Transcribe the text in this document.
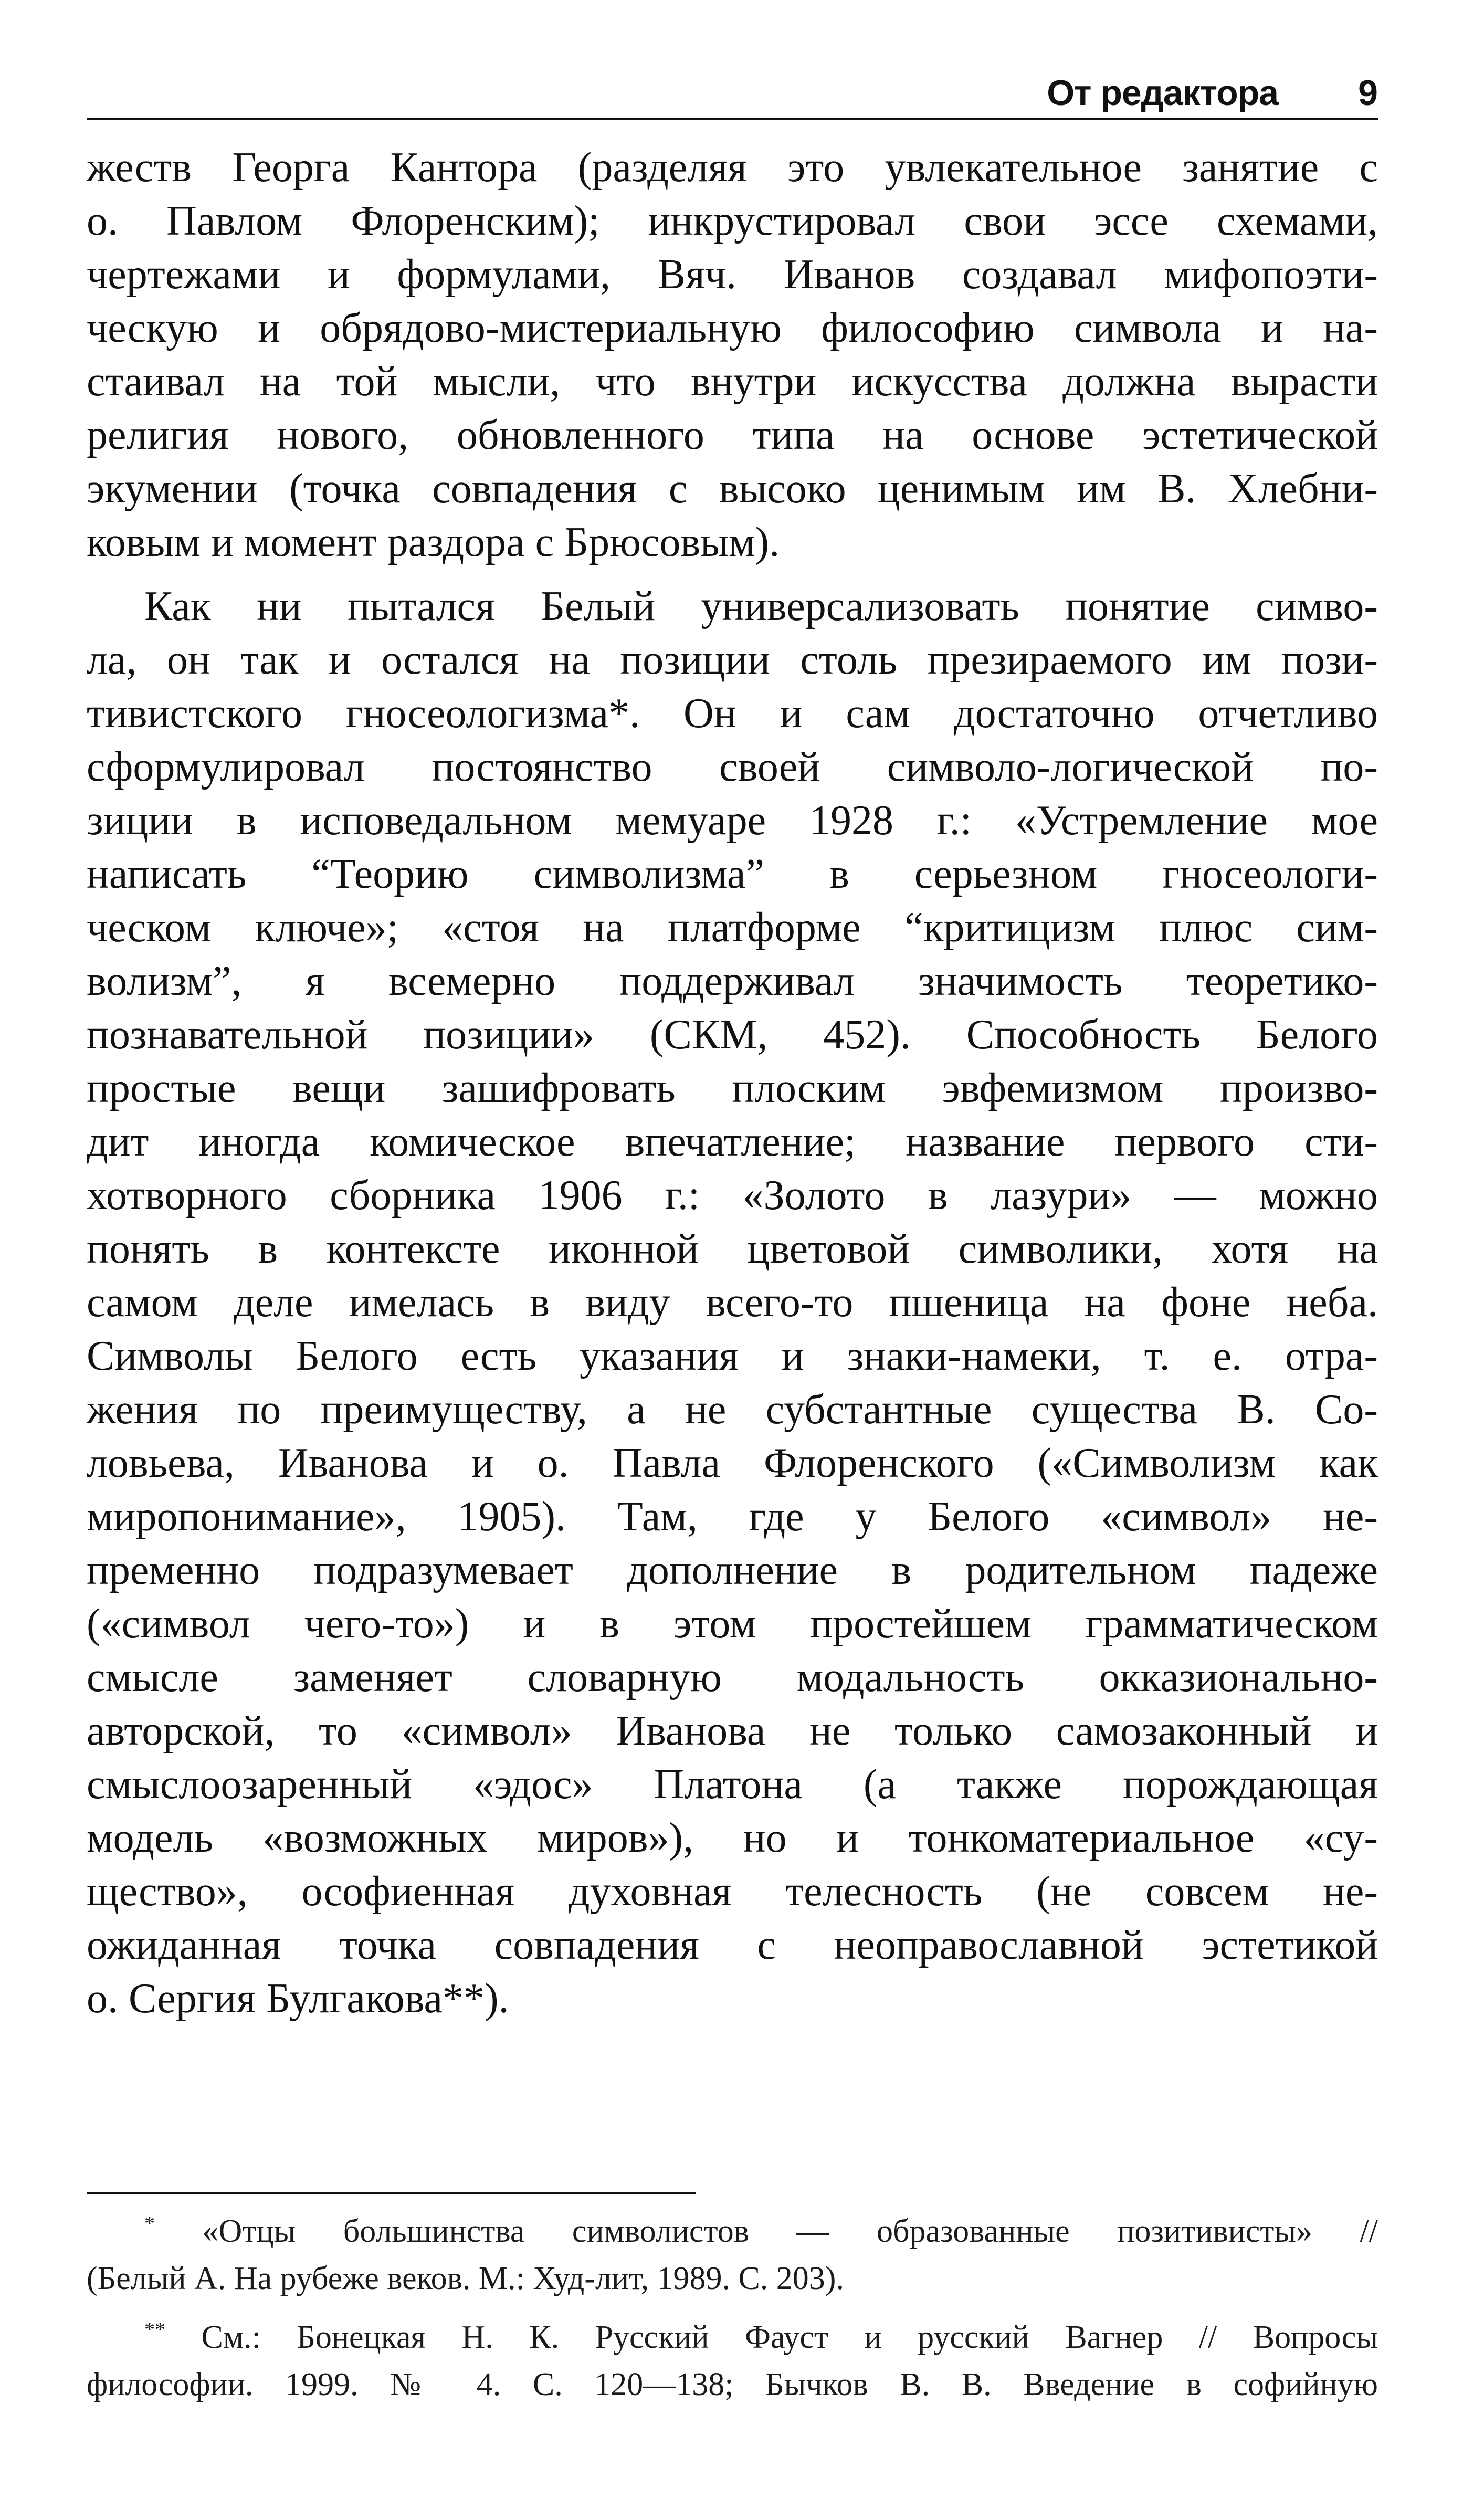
От редактора 9

жеств Георга Кантора (разделяя это увлекательное занятие с

о. Павлом Флоренским); инкрустировал свои эссе схемами,

чертежами и формулами, Вяч. Иванов создавал мифопоэти-

ческую и обрядово-мистериальную философию символа и на-

стаивал на той мысли, что внутри искусства должна вырасти

религия нового, обновленного типа на основе эстетической

экумении (точка совпадения с высоко ценимым им В. Хлебни-

ковым и момент раздора с Брюсовым).

Как ни пытался Белый универсализовать понятие симво-

ла, он так и остался на позиции столь презираемого им пози-

тивистского гносеологизма*. Он и сам достаточно отчетливо

сформулировал постоянство своей символо-логической по-

зиции в исповедальном мемуаре 1928 г.: «Устремление мое

написать “Теорию символизма” в серьезном гносеологи-

ческом ключе»; «стоя на платформе “критицизм плюс сим-

волизм”, я всемерно поддерживал значимость теоретико-

познавательной позиции» (СКМ, 452). Способность Белого

простые вещи зашифровать плоским эвфемизмом произво-

дит иногда комическое впечатление; название первого сти-

хотворного сборника 1906 г.: «Золото в лазури» — можно

понять в контексте иконной цветовой символики, хотя на

самом деле имелась в виду всего-то пшеница на фоне неба.

Символы Белого есть указания и знаки-намеки, т. е. отра-

жения по преимуществу, а не субстантные существа В. Со-

ловьева, Иванова и о. Павла Флоренского («Символизм как

миропонимание», 1905). Там, где у Белого «символ» не-

пременно подразумевает дополнение в родительном падеже

(«символ чего-то») и в этом простейшем грамматическом

смысле заменяет словарную модальность окказионально-

авторской, то «символ» Иванова не только самозаконный и

смыслоозаренный «эдос» Платона (а также порождающая

модель «возможных миров»), но и тонкоматериальное «су-

щество», ософиенная духовная телесность (не совсем не-

ожиданная точка совпадения с неоправославной эстетикой

о. Сергия Булгакова**).

* «Отцы большинства символистов — образованные позитивисты» //

(Белый А. На рубеже веков. М.: Худ-лит, 1989. С. 203).

** См.: Бонецкая Н. К. Русский Фауст и русский Вагнер // Вопросы

философии. 1999. № 4. С. 120—138; Бычков В. В. Введение в софийную
